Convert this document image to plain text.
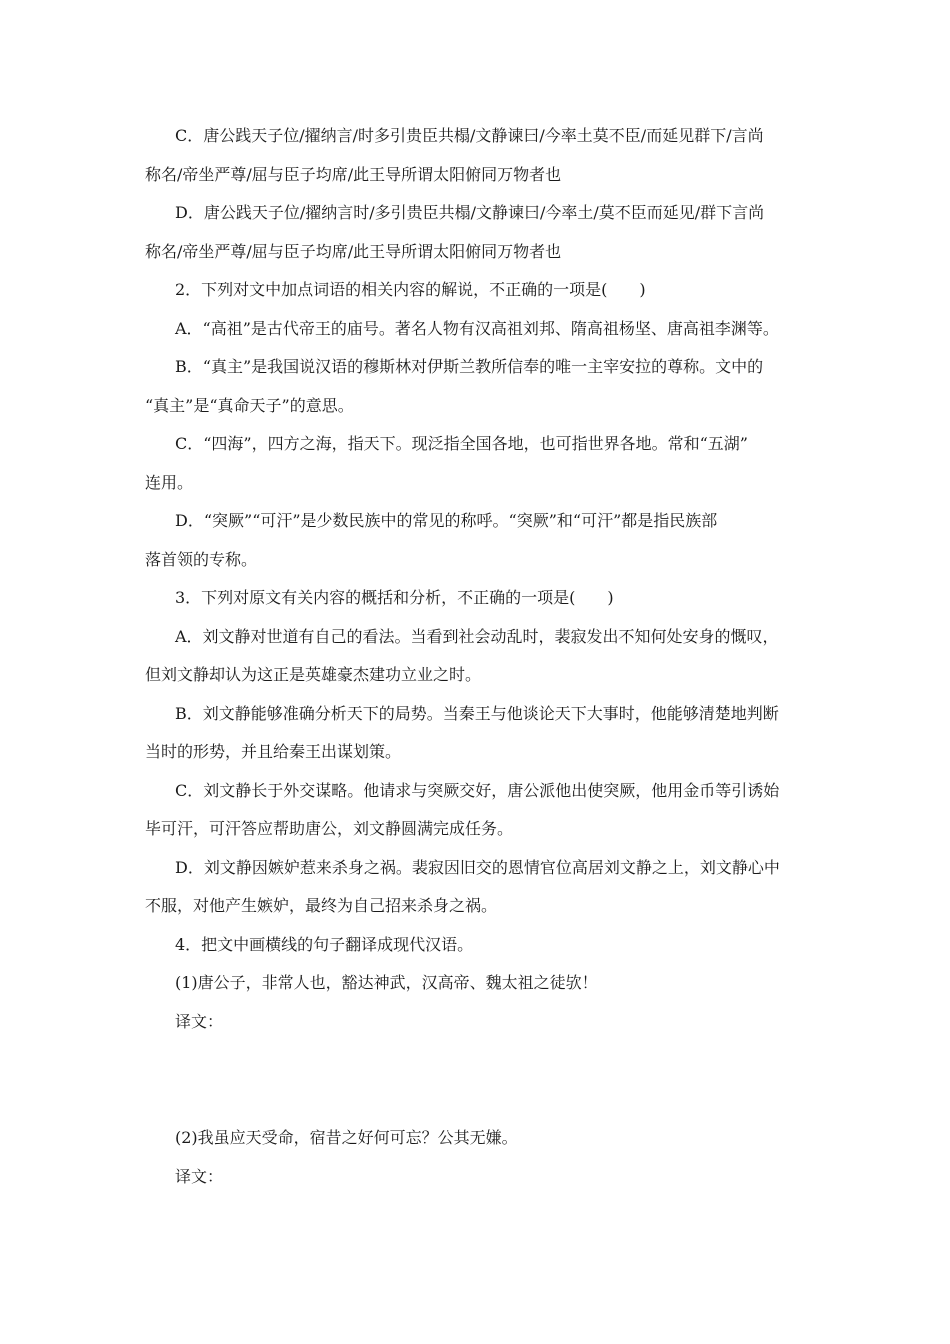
C．唐公践天子位/擢纳言/时多引贵臣共榻/文静谏曰/今率土莫不臣/而延见群下/言尚
称名/帝坐严尊/屈与臣子均席/此王导所谓太阳俯同万物者也
D．唐公践天子位/擢纳言时/多引贵臣共榻/文静谏曰/今率土/莫不臣而延见/群下言尚
称名/帝坐严尊/屈与臣子均席/此王导所谓太阳俯同万物者也
2．下列对文中加点词语的相关内容的解说，不正确的一项是(　　)
A．“高祖”是古代帝王的庙号。著名人物有汉高祖刘邦、隋高祖杨坚、唐高祖李渊等。
B．“真主”是我国说汉语的穆斯林对伊斯兰教所信奉的唯一主宰安拉的尊称。文中的
“真主”是“真命天子”的意思。
C．“四海”，四方之海，指天下。现泛指全国各地，也可指世界各地。常和“五湖”
连用。
D．“突厥”“可汗”是少数民族中的常见的称呼。“突厥”和“可汗”都是指民族部
落首领的专称。
3．下列对原文有关内容的概括和分析，不正确的一项是(　　)
A．刘文静对世道有自己的看法。当看到社会动乱时，裴寂发出不知何处安身的慨叹，
但刘文静却认为这正是英雄豪杰建功立业之时。
B．刘文静能够准确分析天下的局势。当秦王与他谈论天下大事时，他能够清楚地判断
当时的形势，并且给秦王出谋划策。
C．刘文静长于外交谋略。他请求与突厥交好，唐公派他出使突厥，他用金币等引诱始
毕可汗，可汗答应帮助唐公，刘文静圆满完成任务。
D．刘文静因嫉妒惹来杀身之祸。裴寂因旧交的恩情官位高居刘文静之上，刘文静心中
不服，对他产生嫉妒，最终为自己招来杀身之祸。
4．把文中画横线的句子翻译成现代汉语。
(1)唐公子，非常人也，豁达神武，汉高帝、魏太祖之徒欤！
译文：
(2)我虽应天受命，宿昔之好何可忘？公其无嫌。
译文：
